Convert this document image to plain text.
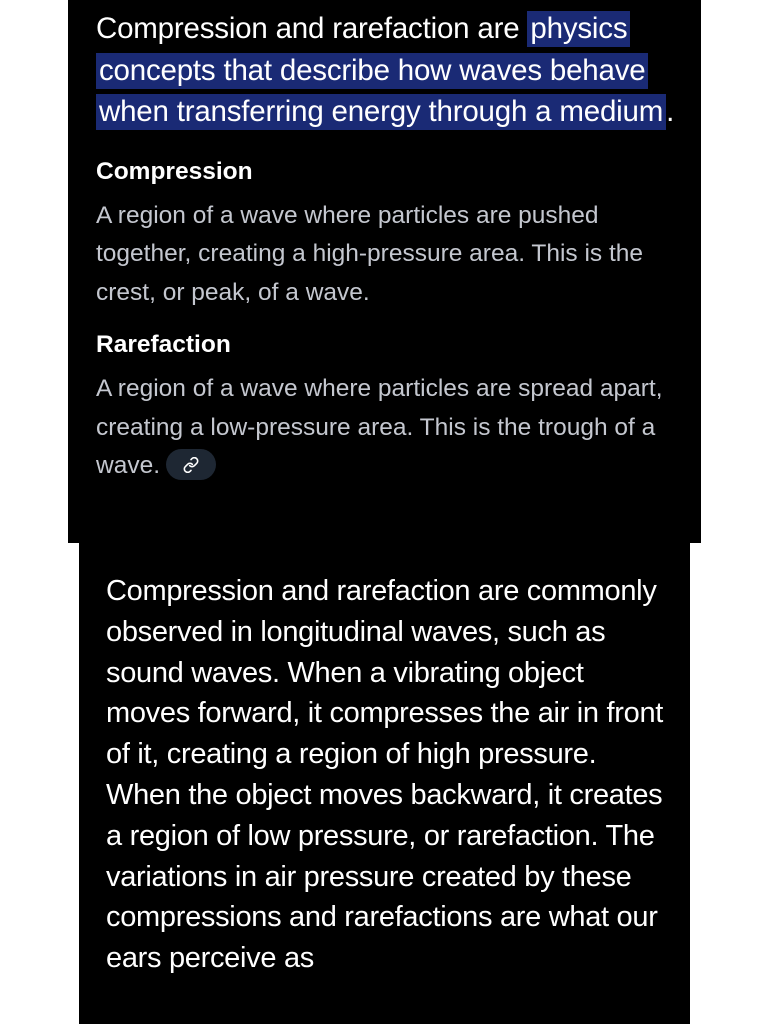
Compression and rarefaction are physics concepts that describe how waves behave when transferring energy through a medium .

Compression

A region of a wave where particles are pushed together, creating a high-pressure area. This is the crest, or peak, of a wave.

Rarefaction

A region of a wave where particles are spread apart, creating a low-pressure area. This is the trough of a wave.

Compression and rarefaction are commonly observed in longitudinal waves, such as sound waves. When a vibrating object moves forward, it compresses the air in front of it, creating a region of high pressure. When the object moves backward, it creates a region of low pressure, or rarefaction. The variations in air pressure created by these compressions and rarefactions are what our ears perceive as
